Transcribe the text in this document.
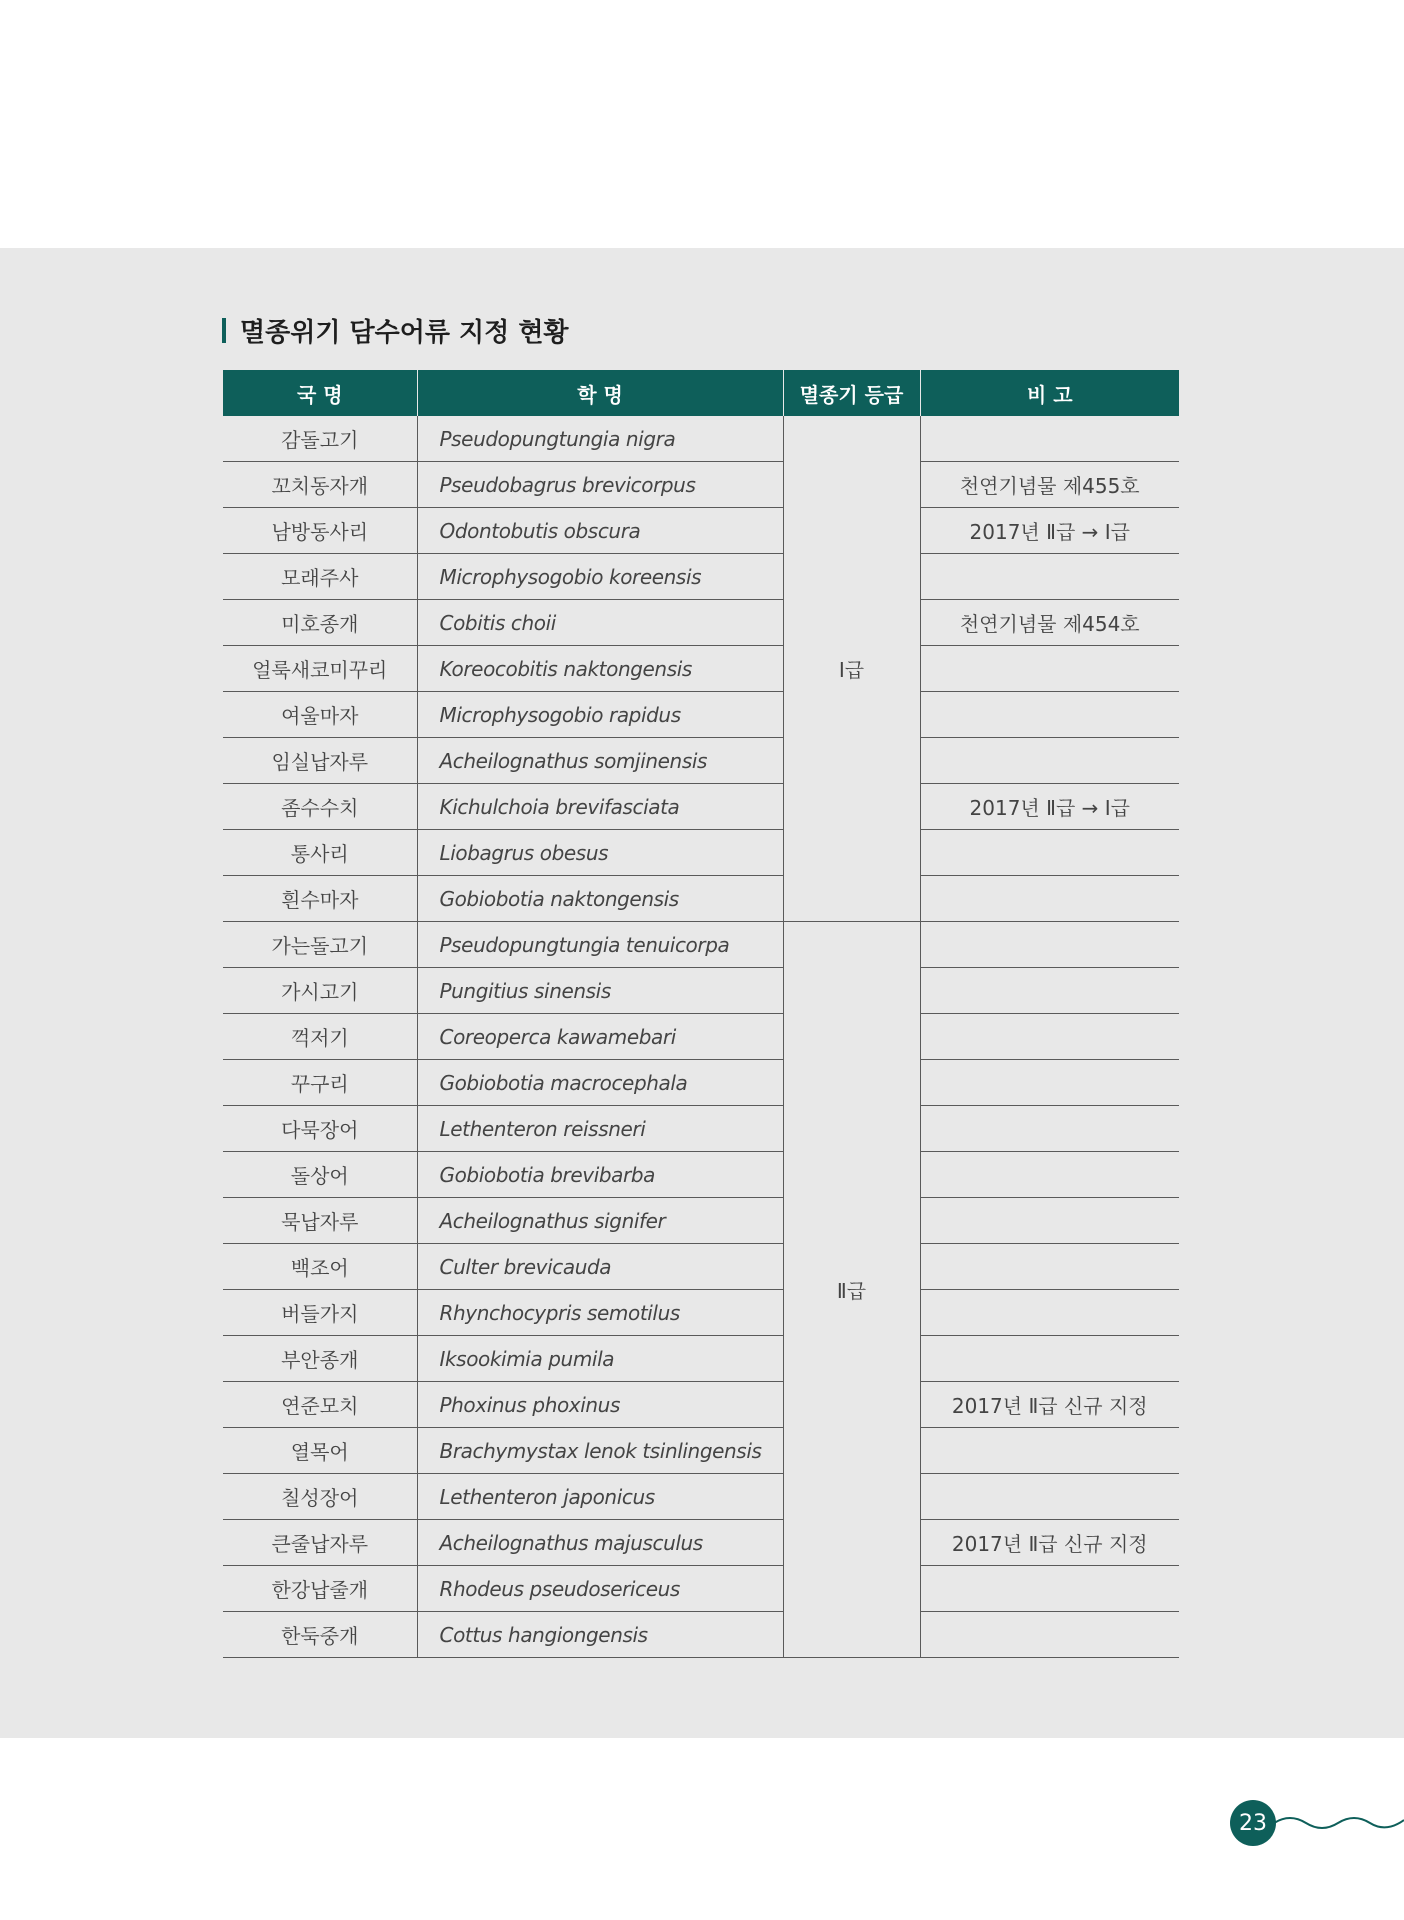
멸종위기 담수어류 지정 현황
국 명	학 명	멸종기 등급	비 고
감돌고기	Pseudopungtungia nigra	Ⅰ급	
꼬치동자개	Pseudobagrus brevicorpus		천연기념물 제455호
남방동사리	Odontobutis obscura		2017년 Ⅱ급 → Ⅰ급
모래주사	Microphysogobio koreensis		
미호종개	Cobitis choii		천연기념물 제454호
얼룩새코미꾸리	Koreocobitis naktongensis		
여울마자	Microphysogobio rapidus		
임실납자루	Acheilognathus somjinensis		
좀수수치	Kichulchoia brevifasciata		2017년 Ⅱ급 → Ⅰ급
통사리	Liobagrus obesus		
흰수마자	Gobiobotia naktongensis		
가는돌고기	Pseudopungtungia tenuicorpa	Ⅱ급	
가시고기	Pungitius sinensis		
꺽저기	Coreoperca kawamebari		
꾸구리	Gobiobotia macrocephala		
다묵장어	Lethenteron reissneri		
돌상어	Gobiobotia brevibarba		
묵납자루	Acheilognathus signifer		
백조어	Culter brevicauda		
버들가지	Rhynchocypris semotilus		
부안종개	Iksookimia pumila		
연준모치	Phoxinus phoxinus		2017년 Ⅱ급 신규 지정
열목어	Brachymystax lenok tsinlingensis		
칠성장어	Lethenteron japonicus		
큰줄납자루	Acheilognathus majusculus		2017년 Ⅱ급 신규 지정
한강납줄개	Rhodeus pseudosericeus		
한둑중개	Cottus hangiongensis		
23
